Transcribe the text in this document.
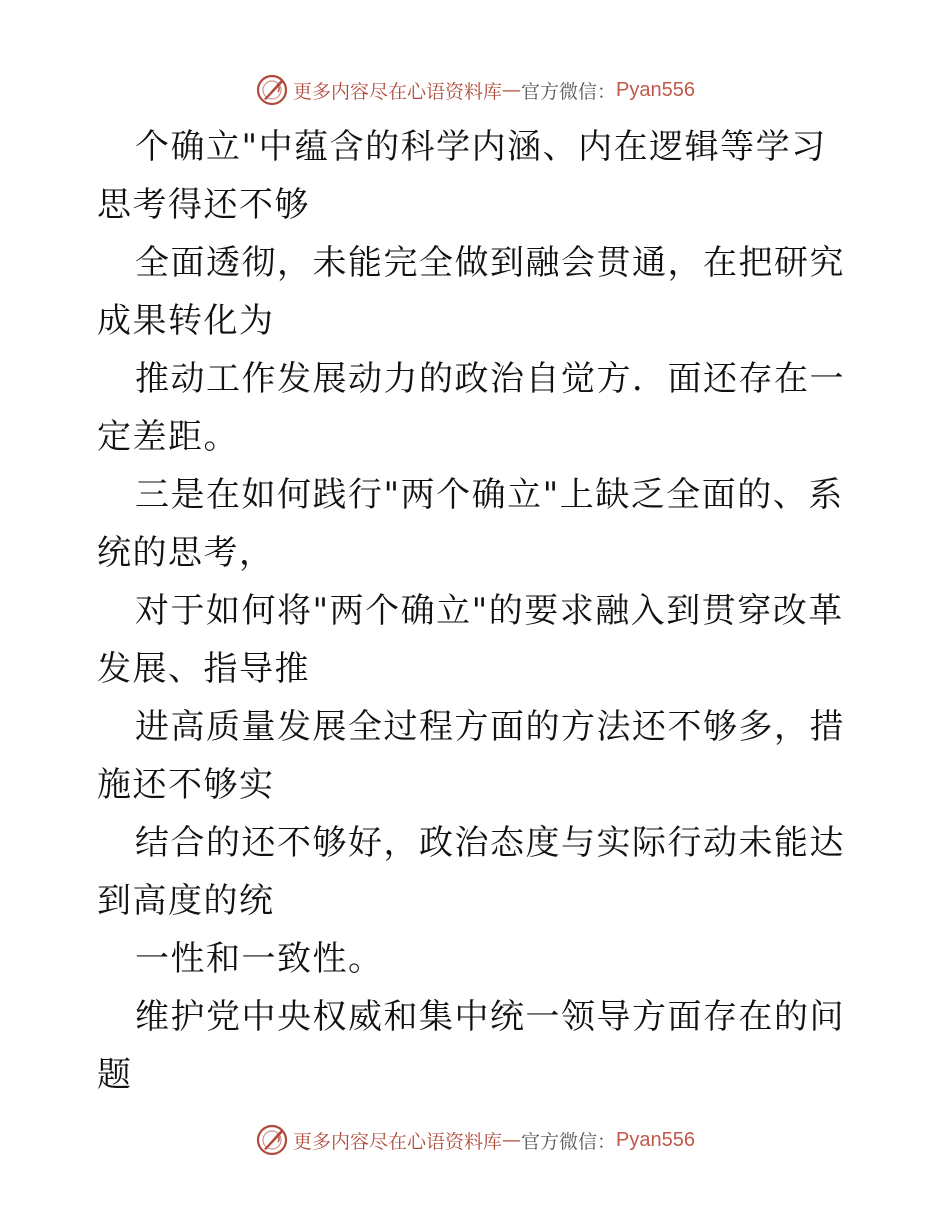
更多内容尽在心语资料库 — 官方微信： Pyan556

个确立"中蕴含的科学内涵、内在逻辑等学习思考得还不够

全面透彻，未能完全做到融会贯通，在把研究成果转化为

推动工作发展动力的政治自觉方．面还存在一定差距。

三是在如何践行"两个确立"上缺乏全面的、系统的思考，

对于如何将"两个确立"的要求融入到贯穿改革发展、指导推

进高质量发展全过程方面的方法还不够多，措施还不够实

结合的还不够好，政治态度与实际行动未能达到高度的统

一性和一致性。

维护党中央权威和集中统一领导方面存在的问题

更多内容尽在心语资料库 — 官方微信： Pyan556
